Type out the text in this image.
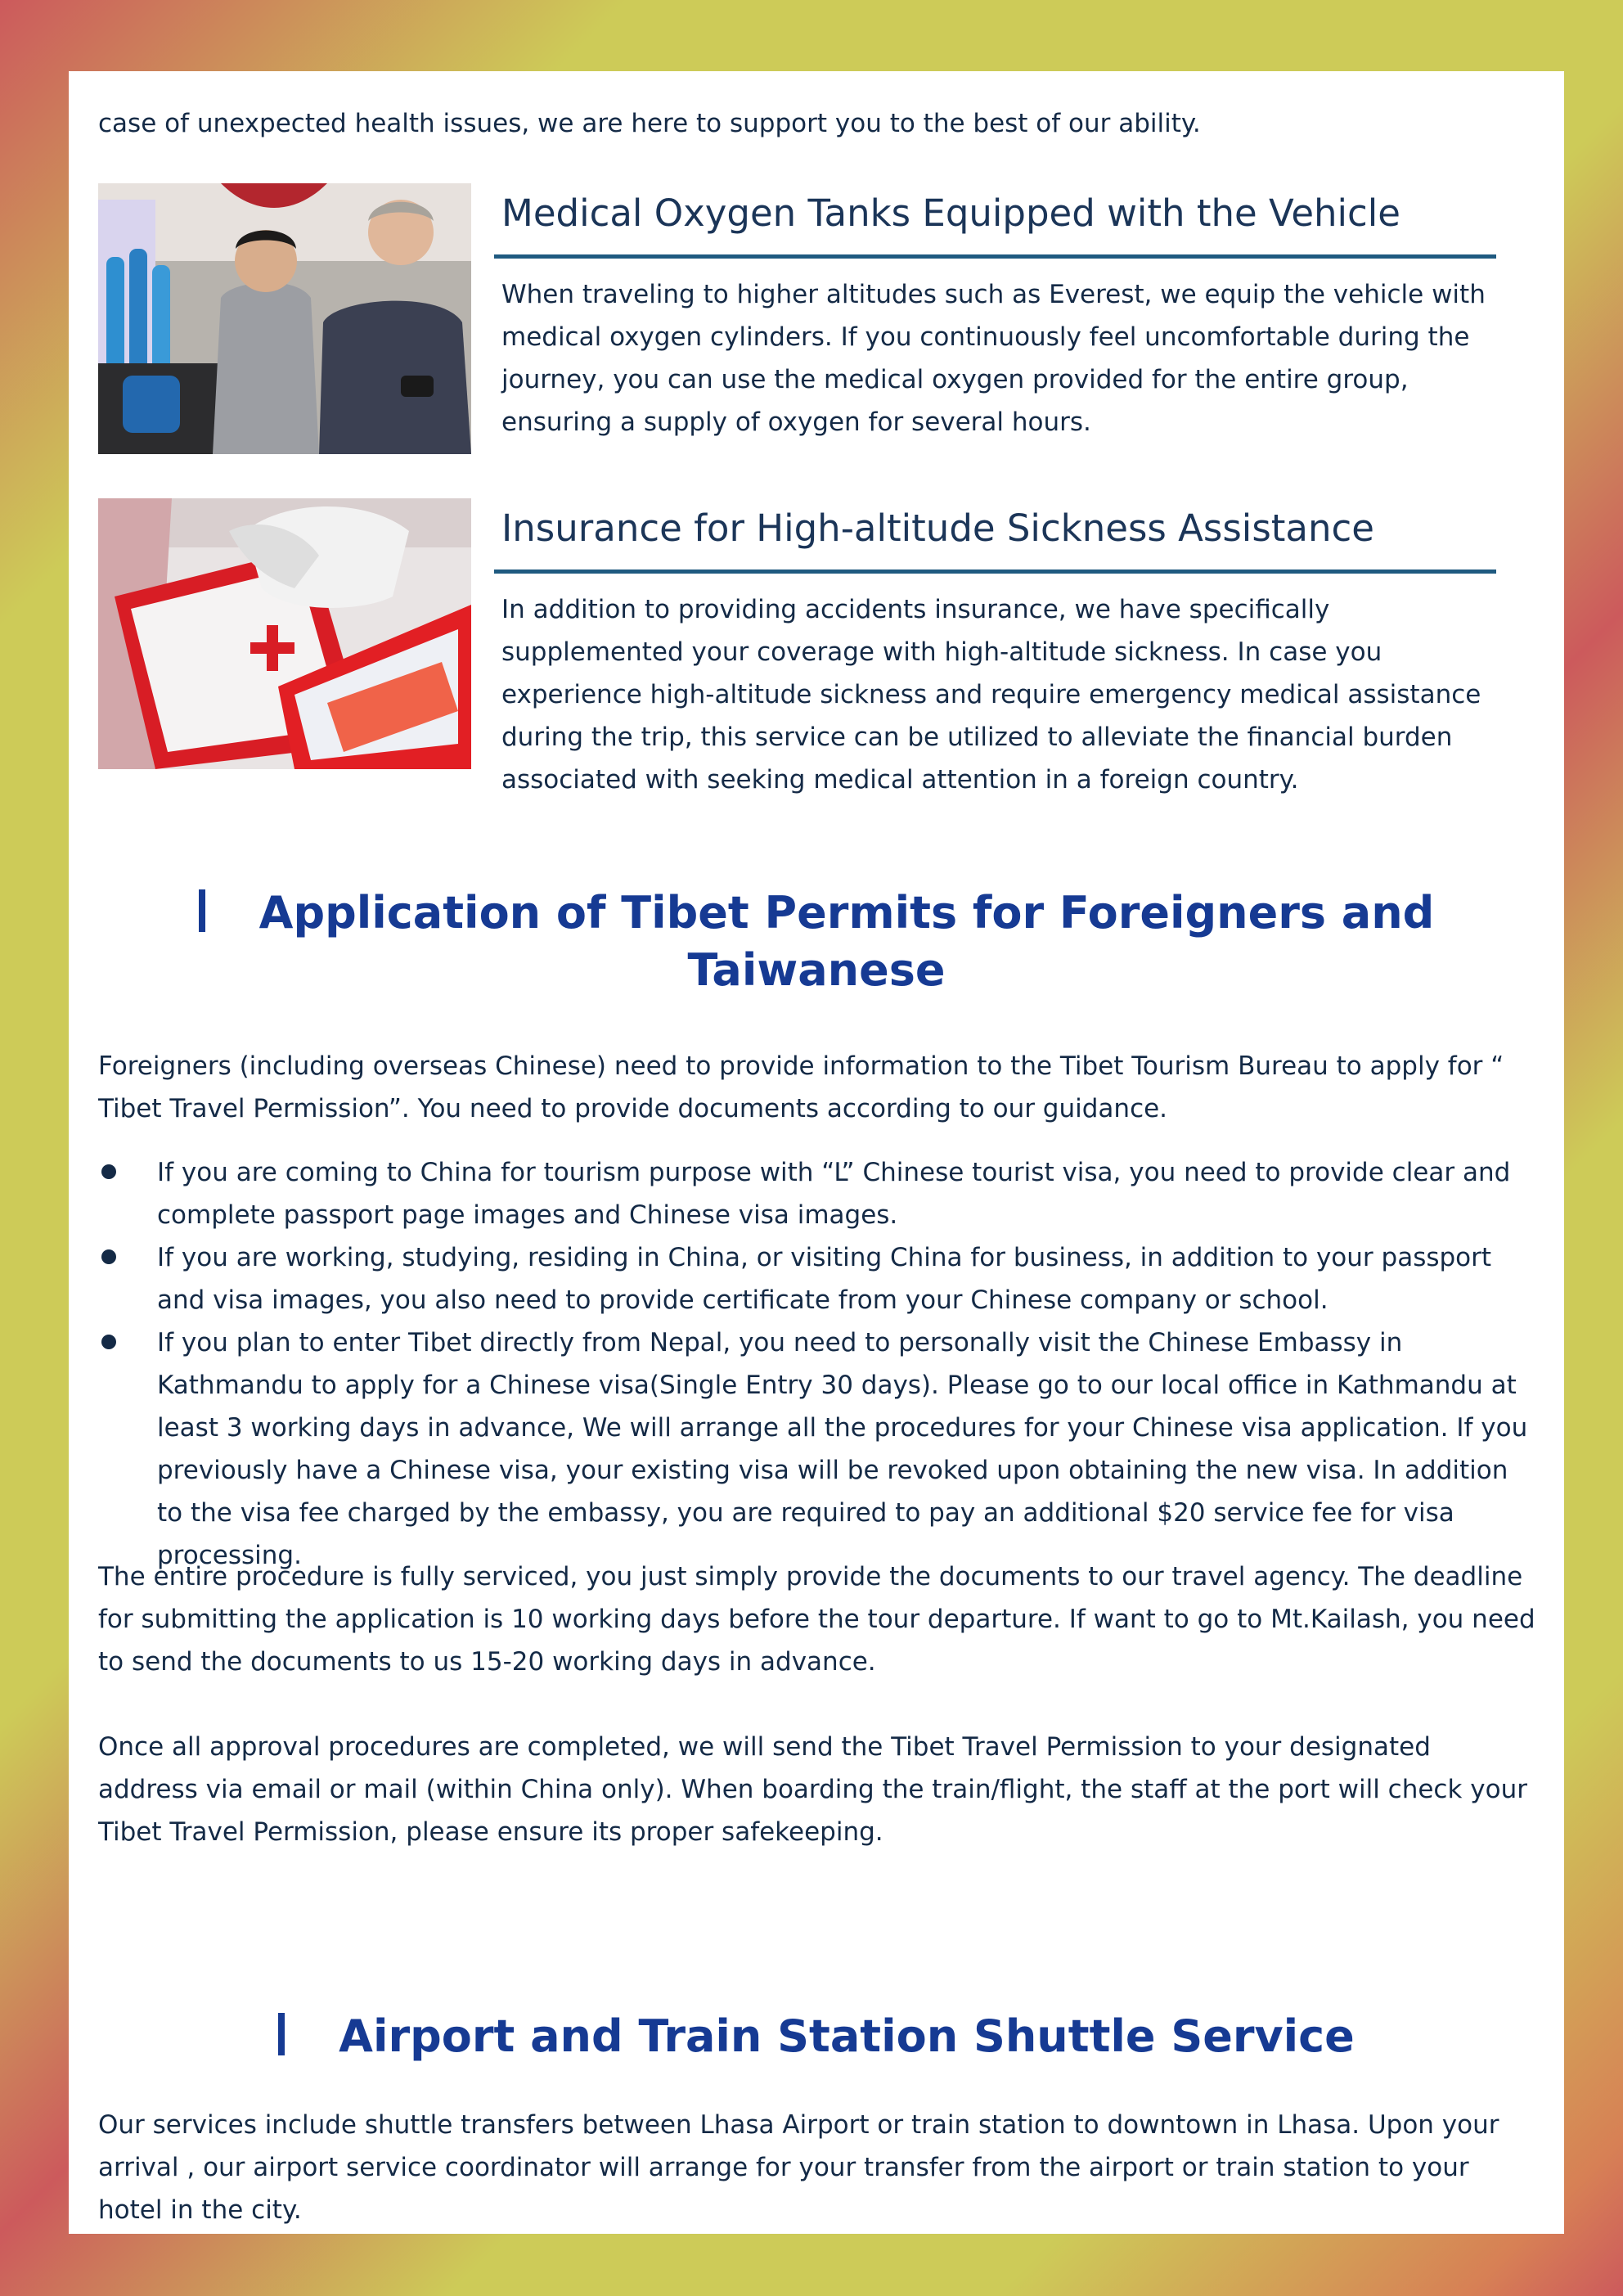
case of unexpected health issues, we are here to support you to the best of our ability.

Medical Oxygen Tanks Equipped with the Vehicle

When traveling to higher altitudes such as Everest, we equip the vehicle with medical oxygen cylinders. If you continuously feel uncomfortable during the journey, you can use the medical oxygen provided for the entire group, ensuring a supply of oxygen for several hours.

Insurance for High-altitude Sickness Assistance

In addition to providing accidents insurance, we have specifically supplemented your coverage with high-altitude sickness. In case you experience high-altitude sickness and require emergency medical assistance during the trip, this service can be utilized to alleviate the financial burden associated with seeking medical attention in a foreign country.

Application of Tibet Permits for Foreigners and Taiwanese

Foreigners (including overseas Chinese) need to provide information to the Tibet Tourism Bureau to apply for “ Tibet Travel Permission”. You need to provide documents according to our guidance.

If you are coming to China for tourism purpose with “L” Chinese tourist visa, you need to provide clear and complete passport page images and Chinese visa images.
If you are working, studying, residing in China, or visiting China for business, in addition to your passport and visa images, you also need to provide certificate from your Chinese company or school.
If you plan to enter Tibet directly from Nepal, you need to personally visit the Chinese Embassy in Kathmandu to apply for a Chinese visa(Single Entry 30 days). Please go to our local office in Kathmandu at least 3 working days in advance, We will arrange all the procedures for your Chinese visa application. If you previously have a Chinese visa, your existing visa will be revoked upon obtaining the new visa. In addition to the visa fee charged by the embassy, you are required to pay an additional $20 service fee for visa processing.

The entire procedure is fully serviced, you just simply provide the documents to our travel agency. The deadline for submitting the application is 10 working days before the tour departure. If want to go to Mt.Kailash, you need to send the documents to us 15-20 working days in advance.

Once all approval procedures are completed, we will send the Tibet Travel Permission to your designated address via email or mail (within China only). When boarding the train/flight, the staff at the port will check your Tibet Travel Permission, please ensure its proper safekeeping.

Airport and Train Station Shuttle Service

Our services include shuttle transfers between Lhasa Airport or train station to downtown in Lhasa. Upon your arrival , our airport service coordinator will arrange for your transfer from the airport or train station to your hotel in the city.
